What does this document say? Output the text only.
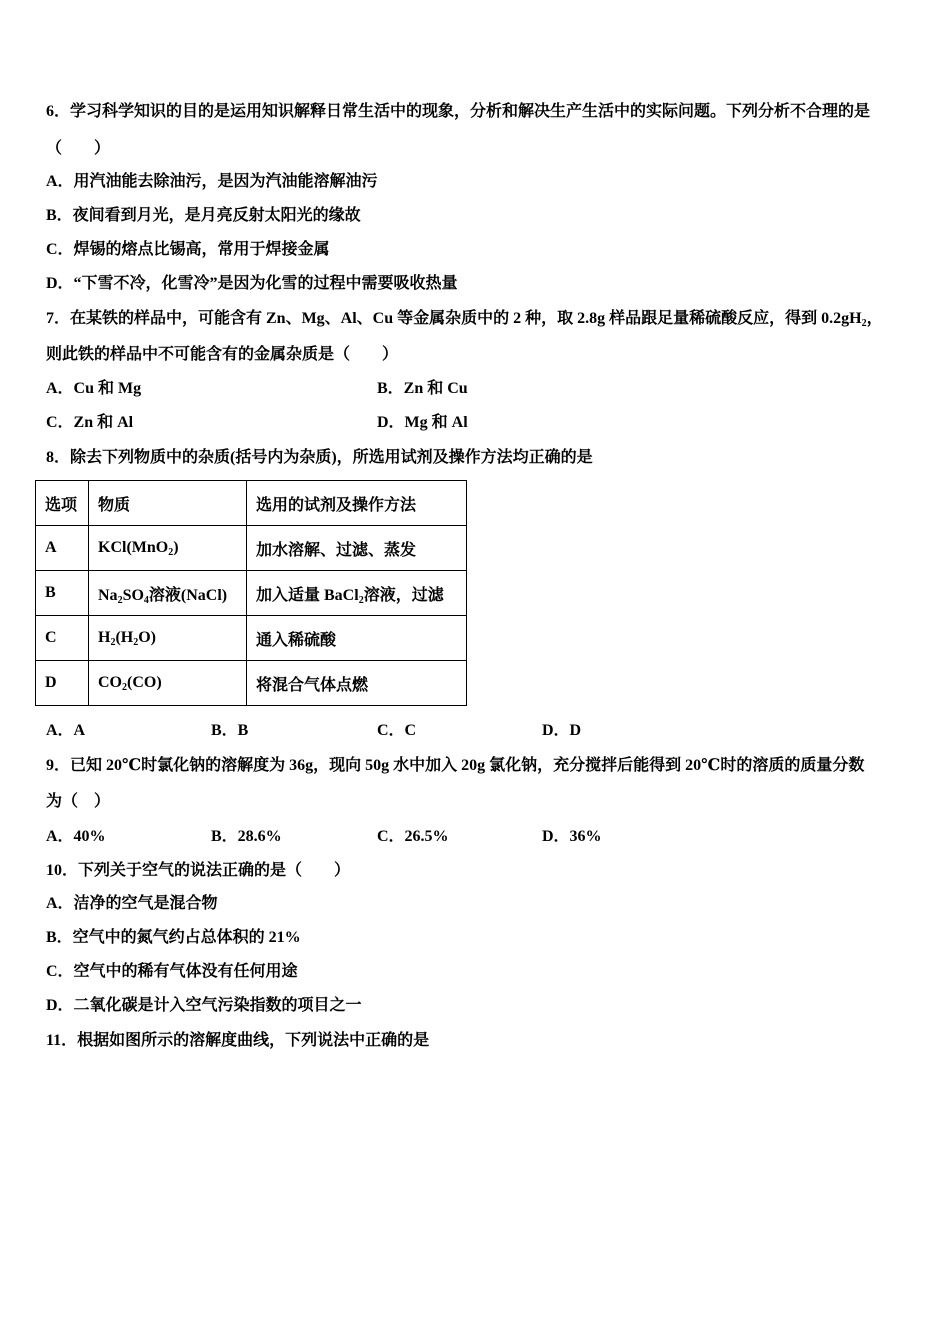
6．学习科学知识的目的是运用知识解释日常生活中的现象，分析和解决生产生活中的实际问题。下列分析不合理的是
（　　）
A．用汽油能去除油污，是因为汽油能溶解油污
B．夜间看到月光，是月亮反射太阳光的缘故
C．焊锡的熔点比锡高，常用于焊接金属
D．“下雪不冷，化雪冷”是因为化雪的过程中需要吸收热量
7．在某铁的样品中，可能含有 Zn、Mg、Al、Cu 等金属杂质中的 2 种，取 2.8g 样品跟足量稀硫酸反应，得到 $0.2gH_2$，
则此铁的样品中不可能含有的金属杂质是（　　）
A．Cu 和 Mg	B．Zn 和 Cu
C．Zn 和 Al	D．Mg 和 Al
8．除去下列物质中的杂质(括号内为杂质)，所选用试剂及操作方法均正确的是
选项	物质	选用的试剂及操作方法
A	KCl(MnO$_2$)	加水溶解、过滤、蒸发
B	$Na_2SO_4$溶液(NaCl)	加入适量 BaCl$_2$溶液，过滤
C	$H_2(H_2O)$	通入稀硫酸
D	$CO_2(CO)$	将混合气体点燃
A．A	B．B	C．C	D．D
9．已知 20℃时氯化钠的溶解度为 36g，现向 50g 水中加入 20g 氯化钠，充分搅拌后能得到 20℃时的溶质的质量分数
为（　）
A．40%	B．28.6%	C．26.5%	D．36%
10．下列关于空气的说法正确的是（　　）
A．洁净的空气是混合物
B．空气中的氮气约占总体积的 21%
C．空气中的稀有气体没有任何用途
D．二氧化碳是计入空气污染指数的项目之一
11．根据如图所示的溶解度曲线，下列说法中正确的是
